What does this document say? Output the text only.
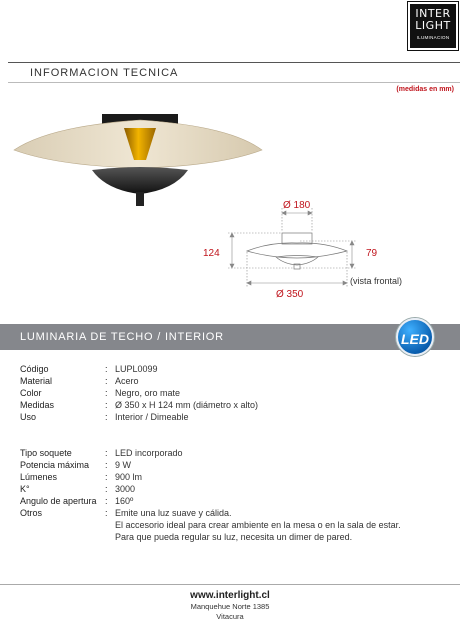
INTER
LIGHT
ILUMINACION
INFORMACION TECNICA
(medidas en mm)
Ø 180
124	79
Ø 350
(vista frontal)
LUMINARIA DE TECHO / INTERIOR	LED
Código	: LUPL0099
Material	: Acero
Color	: Negro, oro mate
Medidas	: Ø 350 x H 124 mm (diámetro x alto)
Uso	: Interior / Dimeable
Tipo soquete	: LED incorporado
Potencia máxima	: 9 W
Lúmenes	: 900 lm
K°	: 3000
Angulo de apertura : 160º
Otros	: Emite una luz suave y cálida.
El accesorio ideal para crear ambiente en la mesa o en la sala de estar.
Para que pueda regular su luz, necesita un dimer de pared.
www.interlight.cl
Manquehue Norte 1385
Vitacura
